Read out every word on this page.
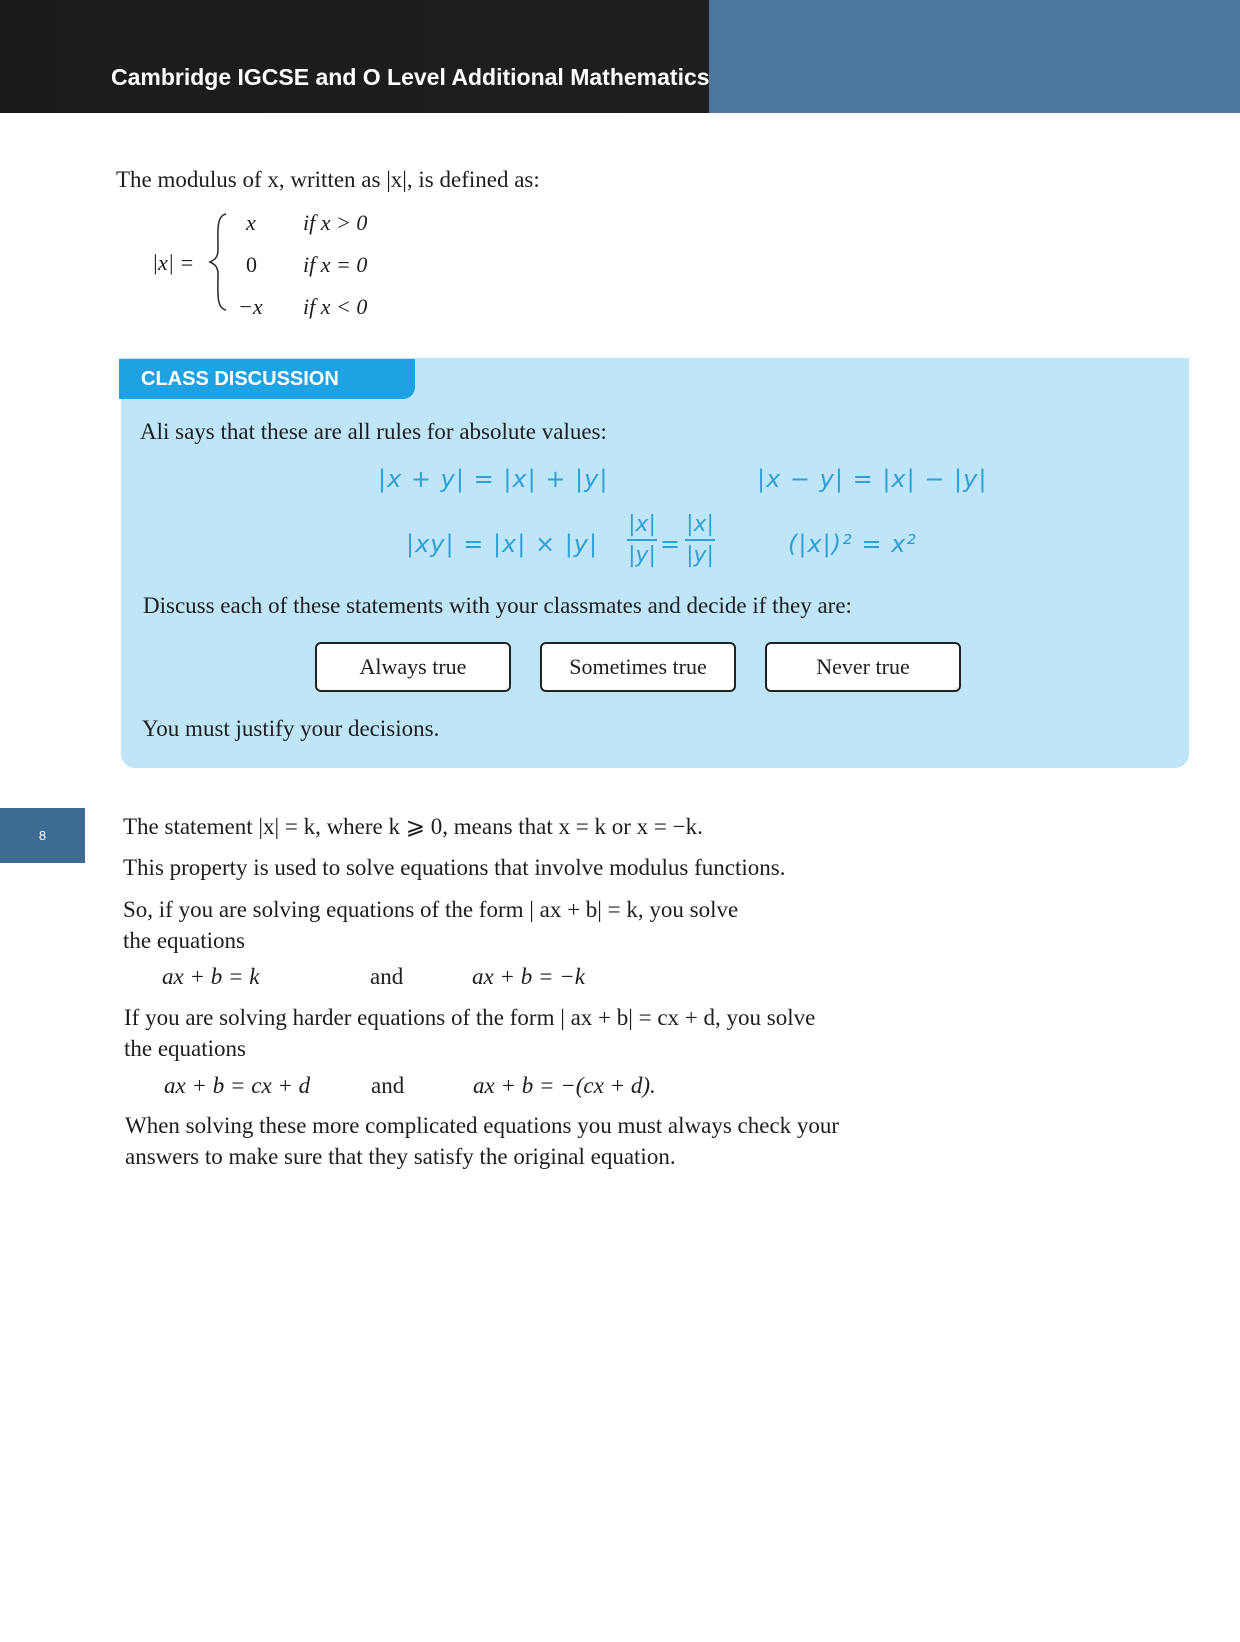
Cambridge IGCSE and O Level Additional Mathematics
8
The modulus of x, written as |x|, is defined as:
|x| =
x if x > 0
0 if x = 0
−x if x < 0
CLASS DISCUSSION
Ali says that these are all rules for absolute values:
|x + y| = |x| + |y|	|x − y| = |x| − |y|
|xy| = |x| × |y|
|x|
|y| =
|x|
|y|	(|x|)² = x²
Discuss each of these statements with your classmates and decide if they are:
Always true	Sometimes true	Never true
You must justify your decisions.
The statement |x| = k, where k ⩾ 0, means that x = k or x = −k.
This property is used to solve equations that involve modulus functions.
So, if you are solving equations of the form | ax + b| = k, you solve
the equations
ax + b = k	and	ax + b = −k
If you are solving harder equations of the form | ax + b| = cx + d, you solve
the equations
ax + b = cx + d	and	ax + b = −(cx + d).
When solving these more complicated equations you must always check your
answers to make sure that they satisfy the original equation.
